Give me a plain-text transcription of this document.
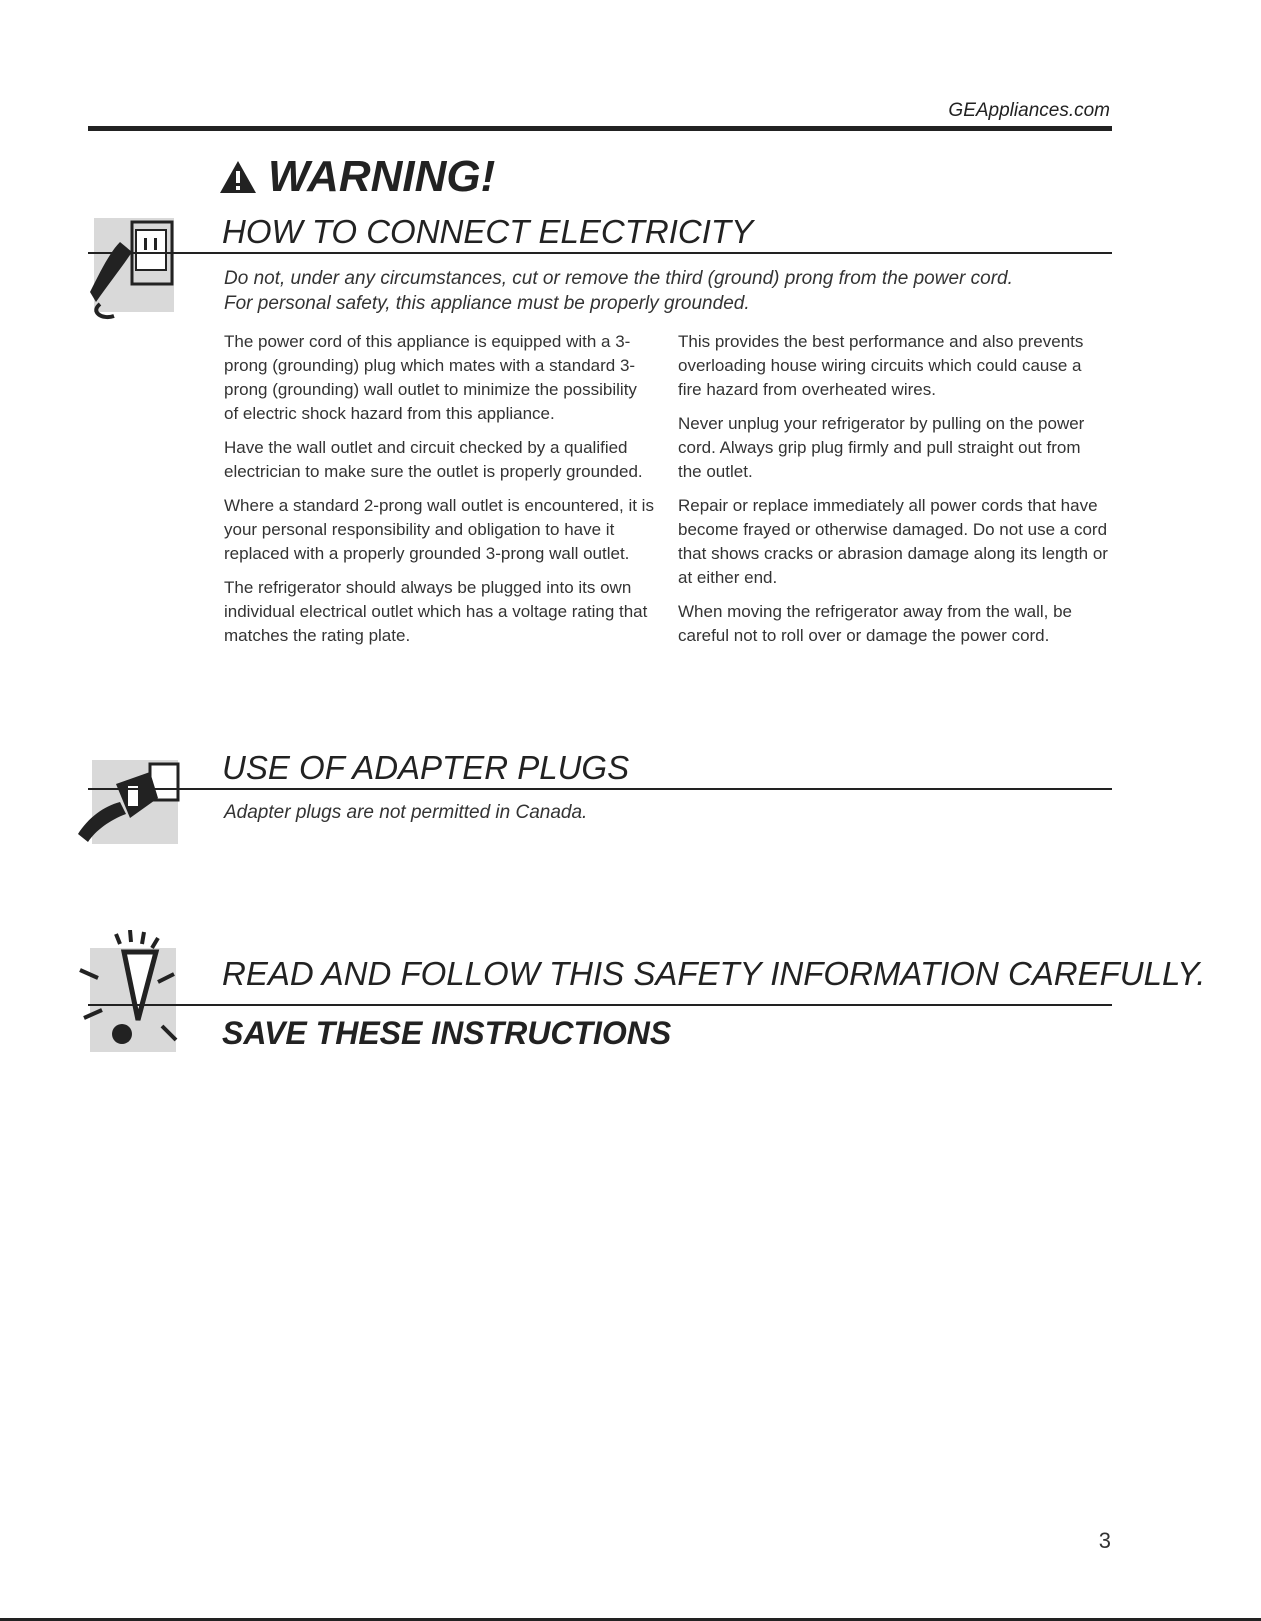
GEAppliances.com
WARNING!
HOW TO CONNECT ELECTRICITY
Do not, under any circumstances, cut or remove the third (ground) prong from the power cord.
For personal safety, this appliance must be properly grounded.

The power cord of this appliance is equipped with a 3-prong (grounding) plug which mates with a standard 3-prong (grounding) wall outlet to minimize the possibility of electric shock hazard from this appliance.

Have the wall outlet and circuit checked by a qualified electrician to make sure the outlet is properly grounded.

Where a standard 2-prong wall outlet is encountered, it is your personal responsibility and obligation to have it replaced with a properly grounded 3-prong wall outlet.

The refrigerator should always be plugged into its own individual electrical outlet which has a voltage rating that matches the rating plate.

This provides the best performance and also prevents overloading house wiring circuits which could cause a fire hazard from overheated wires.

Never unplug your refrigerator by pulling on the power cord. Always grip plug firmly and pull straight out from the outlet.

Repair or replace immediately all power cords that have become frayed or otherwise damaged. Do not use a cord that shows cracks or abrasion damage along its length or at either end.

When moving the refrigerator away from the wall, be careful not to roll over or damage the power cord.

USE OF ADAPTER PLUGS
Adapter plugs are not permitted in Canada.
READ AND FOLLOW THIS SAFETY INFORMATION CAREFULLY.
SAVE THESE INSTRUCTIONS
3
